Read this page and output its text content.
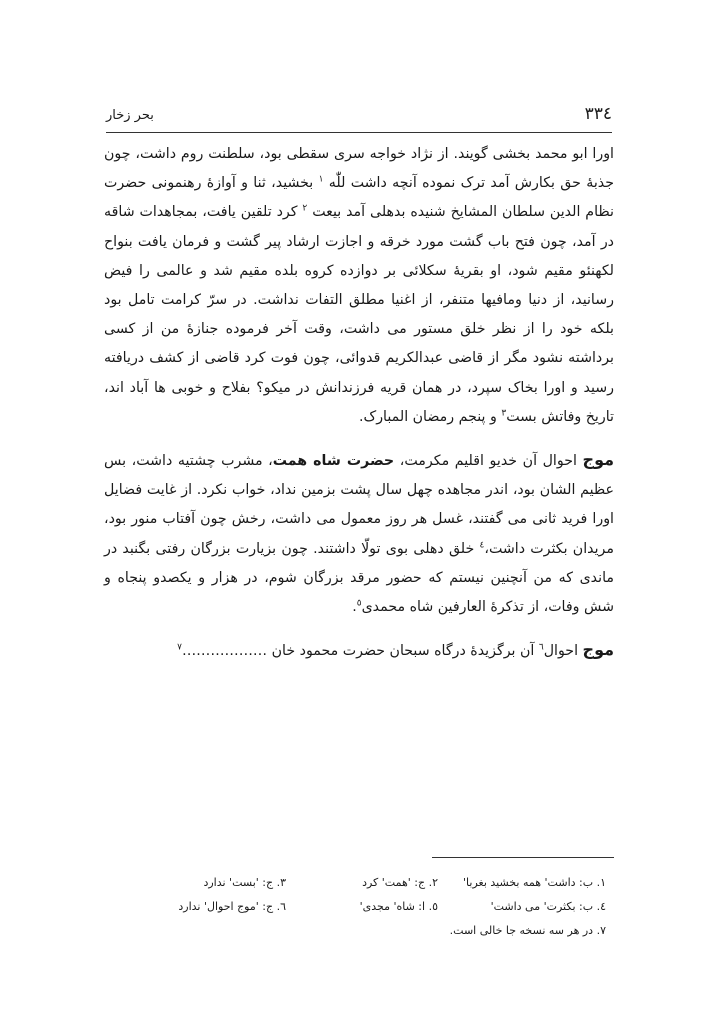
٣٣٤
بحر زخار

اورا ابو محمد بخشی گویند. از نژاد خواجه سری سقطی بود، سلطنت روم داشت، چون جذبهٔ حق بکارش آمد ترک نموده آنچه داشت للّٰه $^١$ بخشید، ثنا و آوازهٔ رهنمونی حضرت نظام الدین سلطان المشایخ شنیده بدهلی آمد بیعت $^٢$ کرد تلقین یافت، بمجاهدات شاقه در آمد، چون فتح باب گشت مورد خرقه و اجازت ارشاد پیر گشت و فرمان یافت بنواح لکهنئو مقیم شود، او بقریهٔ سکلائی بر دوازده کروه بلده مقیم شد و عالمی را فیض رسانید، از دنیا ومافیها متنفر، از اغنیا مطلق التفات نداشت. در سرّ کرامت تامل بود بلکه خود را از نظر خلق مستور می داشت، وقت آخر فرموده جنازهٔ من از کسی برداشته نشود مگر از قاضی عبدالکریم قدوائی، چون فوت کرد قاضی از کشف دریافته رسید و اورا بخاک سپرد، در همان قریه فرزندانش در میکو؟ بفلاح و خوبی ها آباد اند، تاریخ وفاتش بست$^٣$ و پنجم رمضان المبارک.

موج احوال آن خدیو اقلیم مکرمت، حضرت شاه همت، مشرب چشتیه داشت، بس عظیم الشان بود، اندر مجاهده چهل سال پشت بزمین نداد، خواب نکرد. از غایت فضایل اورا فرید ثانی می گفتند، غسل هر روز معمول می داشت، رخش چون آفتاب منور بود، مریدان بکثرت داشت،$^٤$ خلق دهلی بوی تولّا داشتند. چون بزیارت بزرگان رفتی بگنبد در ماندی که من آنچنین نیستم که حضور مرقد بزرگان شوم، در هزار و یکصدو پنجاه و شش وفات، از تذکرهٔ العارفین شاه محمدی$^٥$.

موج احوال$^٦$ آن برگزیدهٔ درگاه سبحان حضرت محمود خان ………………$^٧$

١. ب: داشت' همه بخشید بغربا'
٢. ج: 'همت' کرد
٣. ج: 'بست' ندارد
٤. ب: بکثرت' می داشت'
٥. ا: شاه' مجدی'
٦. ج: 'موج احوال' ندارد
٧. در هر سه نسخه جا خالی است.
